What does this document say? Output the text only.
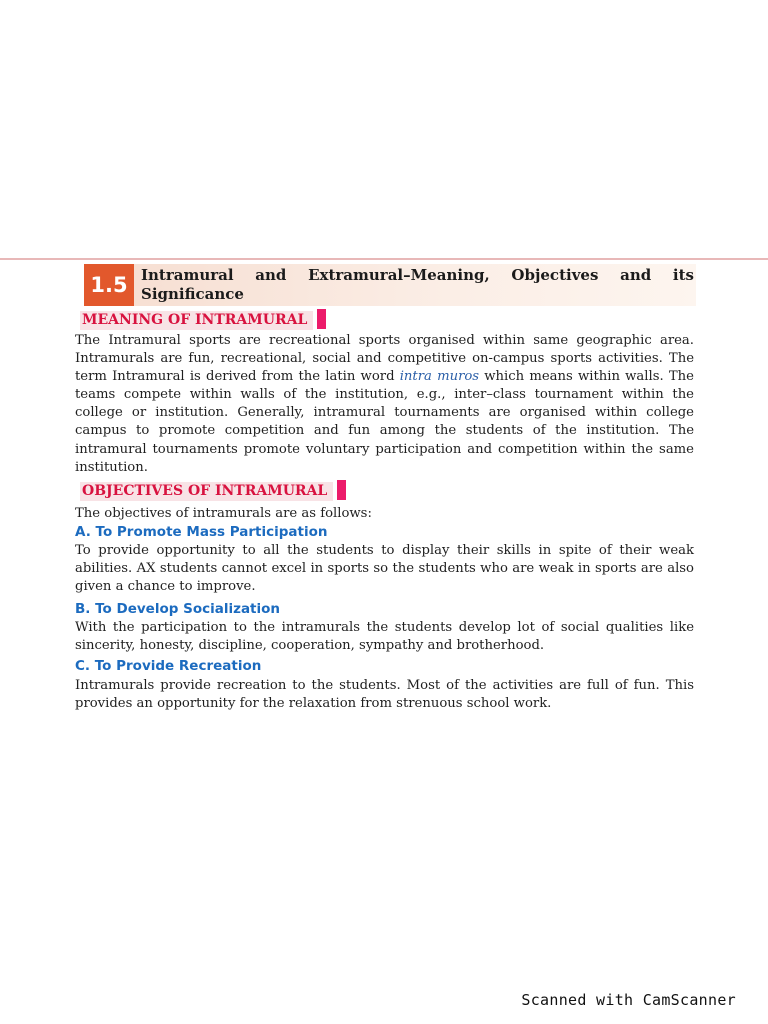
1.5 Intramural and Extramural–Meaning, Objectives and its Significance
MEANING OF INTRAMURAL

The Intramural sports are recreational sports organised within same geographic area. Intramurals are fun, recreational, social and competitive on-campus sports activities. The term Intramural is derived from the latin word intra muros which means within walls. The teams compete within walls of the institution, e.g., inter–class tournament within the college or institution. Generally, intramural tournaments are organised within college campus to promote competition and fun among the students of the institution. The intramural tournaments promote voluntary participation and competition within the same institution.

OBJECTIVES OF INTRAMURAL

The objectives of intramurals are as follows:

A. To Promote Mass Participation

To provide opportunity to all the students to display their skills in spite of their weak abilities. AX students cannot excel in sports so the students who are weak in sports are also given a chance to improve.

B. To Develop Socialization

With the participation to the intramurals the students develop lot of social qualities like sincerity, honesty, discipline, cooperation, sympathy and brotherhood.

C. To Provide Recreation

Intramurals provide recreation to the students. Most of the activities are full of fun. This provides an opportunity for the relaxation from strenuous school work.

Scanned with CamScanner
